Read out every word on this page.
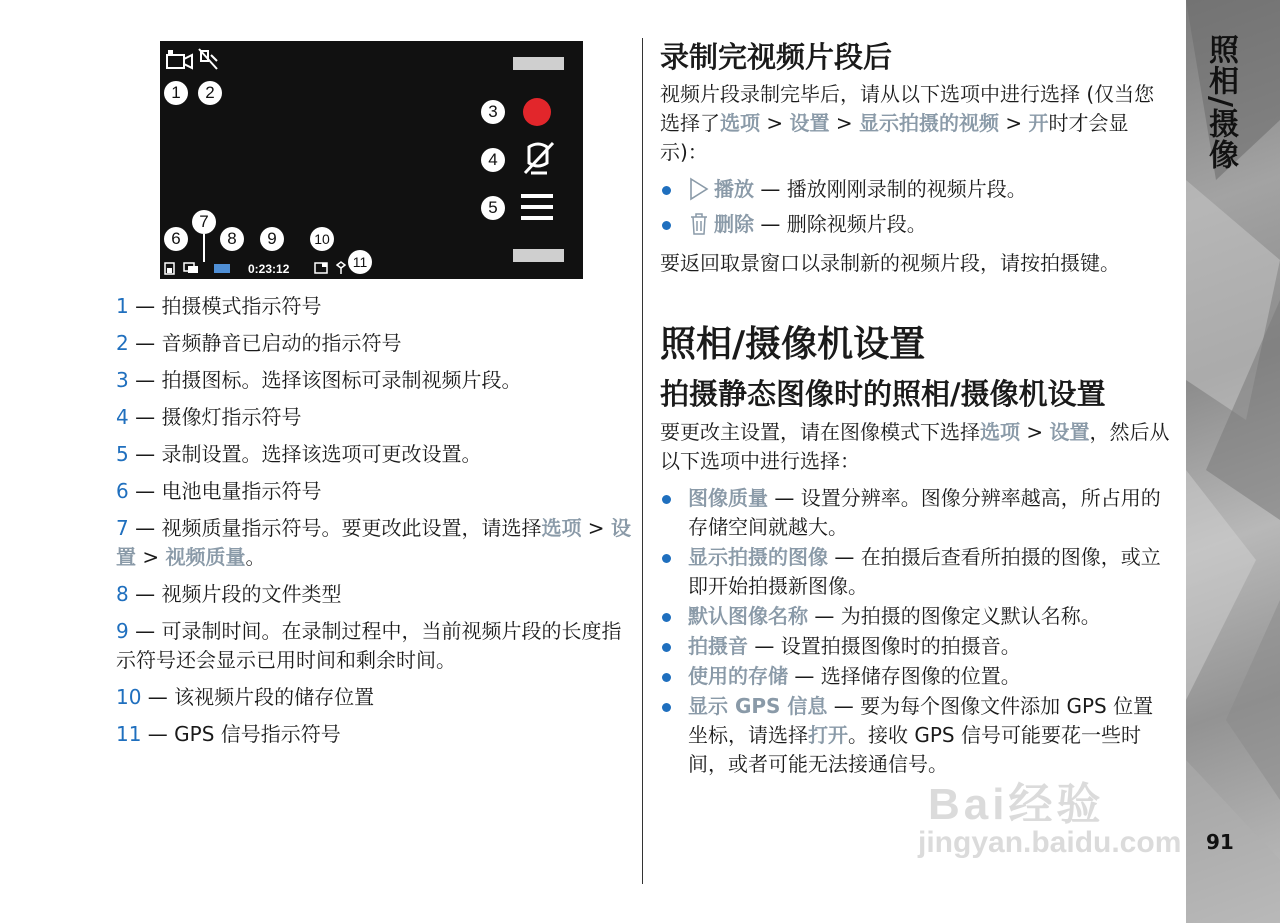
1	2
3
4
5
6
7
8	9	10
11
0:23:12
1 — 拍摄模式指示符号
2 — 音频静音已启动的指示符号
3 — 拍摄图标。选择该图标可录制视频片段。
4 — 摄像灯指示符号
5 — 录制设置。选择该选项可更改设置。
6 — 电池电量指示符号
7 — 视频质量指示符号。要更改此设置，请选择选项 > 设置 > 视频质量。
8 — 视频片段的文件类型
9 — 可录制时间。在录制过程中，当前视频片段的长度指示符号还会显示已用时间和剩余时间。
10 — 该视频片段的储存位置
11 — GPS 信号指示符号
录制完视频片段后

视频片段录制完毕后，请从以下选项中进行选择 (仅当您选择了选项 > 设置 > 显示拍摄的视频 > 开时才会显示)：

播放 — 播放刚刚录制的视频片段。
删除 — 删除视频片段。

要返回取景窗口以录制新的视频片段，请按拍摄键。

照相/摄像机设置
拍摄静态图像时的照相/摄像机设置

要更改主设置，请在图像模式下选择选项 > 设置，然后从以下选项中进行选择：

图像质量 — 设置分辨率。图像分辨率越高，所占用的存储空间就越大。
显示拍摄的图像 — 在拍摄后查看所拍摄的图像，或立即开始拍摄新图像。
默认图像名称 — 为拍摄的图像定义默认名称。
拍摄音 — 设置拍摄图像时的拍摄音。
使用的存储 — 选择储存图像的位置。
显示 GPS 信息 — 要为每个图像文件添加 GPS 位置坐标，请选择打开。接收 GPS 信号可能要花一些时间，或者可能无法接通信号。
照相/摄像
91
Bai经验
jingyan.baidu.com
